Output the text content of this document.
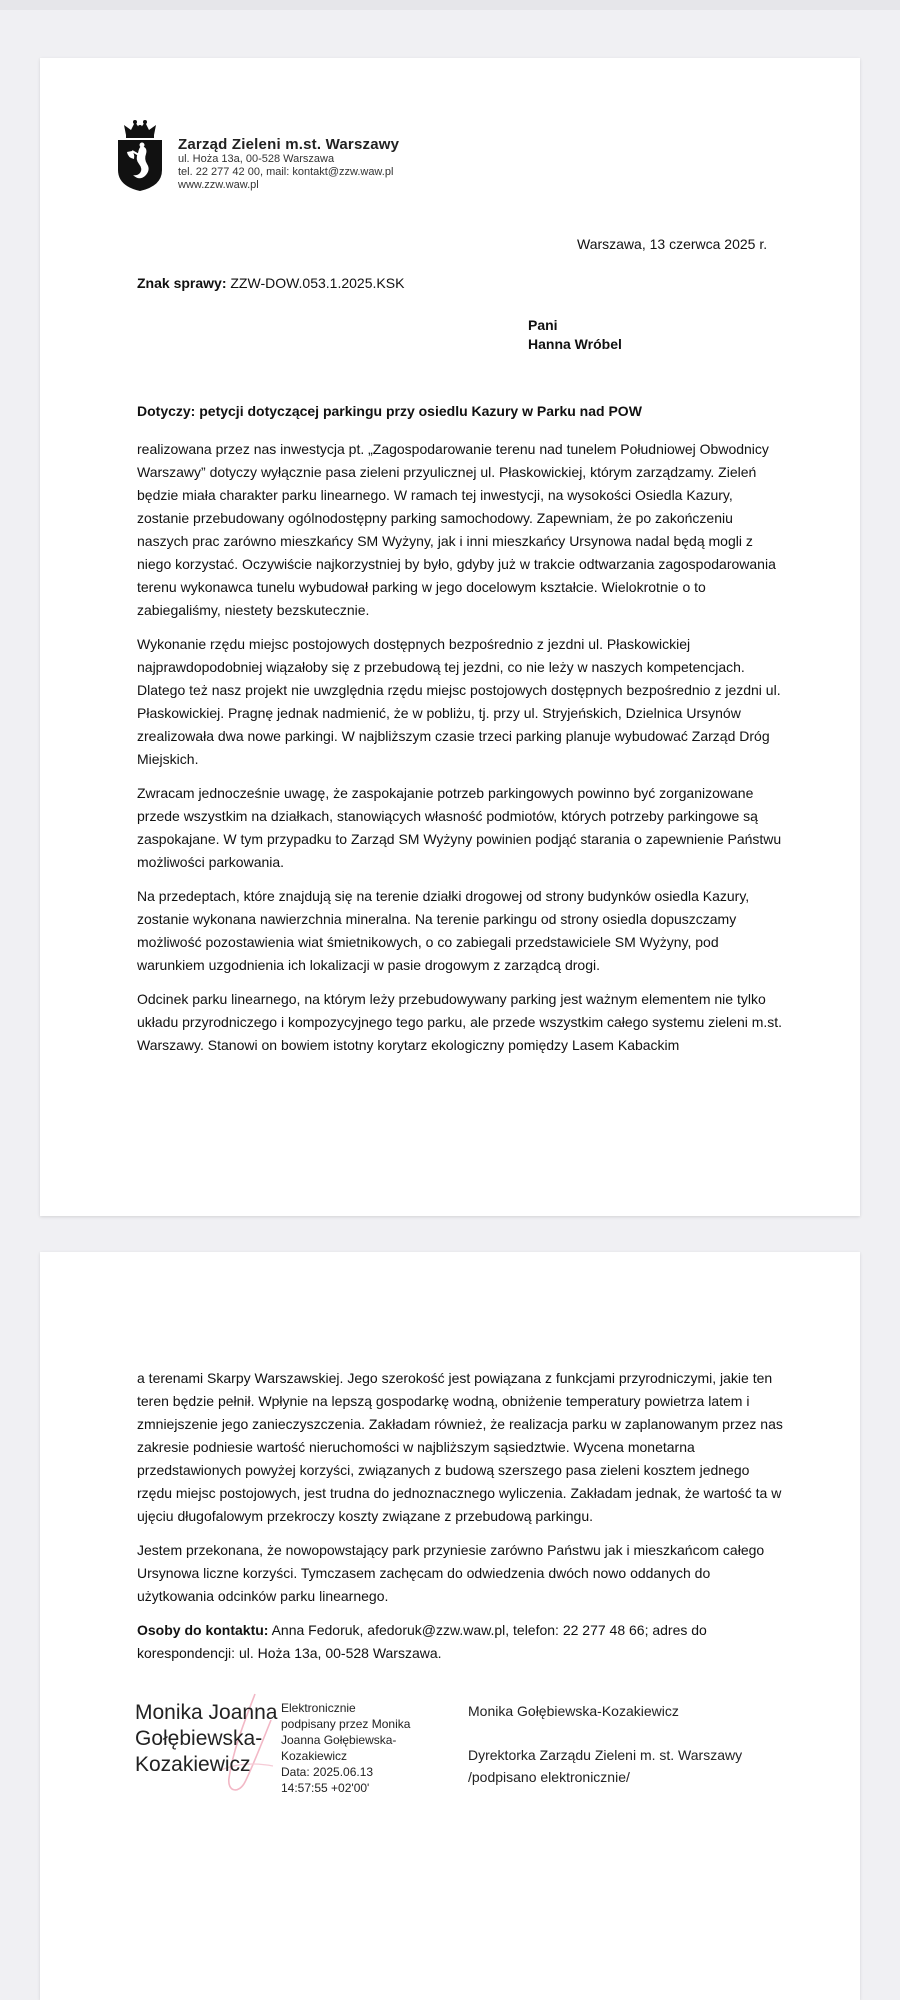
Zarząd Zieleni m.st. Warszawy
ul. Hoża 13a, 00-528 Warszawa
tel. 22 277 42 00, mail: kontakt@zzw.waw.pl
www.zzw.waw.pl
Warszawa, 13 czerwca 2025 r.
Znak sprawy: ZZW-DOW.053.1.2025.KSK
Pani
Hanna Wróbel
Dotyczy: petycji dotyczącej parkingu przy osiedlu Kazury w Parku nad POW

realizowana przez nas inwestycja pt. „Zagospodarowanie terenu nad tunelem Południowej Obwodnicy Warszawy” dotyczy wyłącznie pasa zieleni przyulicznej ul. Płaskowickiej, którym zarządzamy. Zieleń będzie miała charakter parku linearnego. W ramach tej inwestycji, na wysokości Osiedla Kazury, zostanie przebudowany ogólnodostępny parking samochodowy. Zapewniam, że po zakończeniu naszych prac zarówno mieszkańcy SM Wyżyny, jak i inni mieszkańcy Ursynowa nadal będą mogli z niego korzystać. Oczywiście najkorzystniej by było, gdyby już w trakcie odtwarzania zagospodarowania terenu wykonawca tunelu wybudował parking w jego docelowym kształcie. Wielokrotnie o to zabiegaliśmy, niestety bezskutecznie.

Wykonanie rzędu miejsc postojowych dostępnych bezpośrednio z jezdni ul. Płaskowickiej najprawdopodobniej wiązałoby się z przebudową tej jezdni, co nie leży w naszych kompetencjach. Dlatego też nasz projekt nie uwzględnia rzędu miejsc postojowych dostępnych bezpośrednio z jezdni ul. Płaskowickiej. Pragnę jednak nadmienić, że w pobliżu, tj. przy ul. Stryjeńskich, Dzielnica Ursynów zrealizowała dwa nowe parkingi. W najbliższym czasie trzeci parking planuje wybudować Zarząd Dróg Miejskich.

Zwracam jednocześnie uwagę, że zaspokajanie potrzeb parkingowych powinno być zorganizowane przede wszystkim na działkach, stanowiących własność podmiotów, których potrzeby parkingowe są zaspokajane. W tym przypadku to Zarząd SM Wyżyny powinien podjąć starania o zapewnienie Państwu możliwości parkowania.

Na przedeptach, które znajdują się na terenie działki drogowej od strony budynków osiedla Kazury, zostanie wykonana nawierzchnia mineralna. Na terenie parkingu od strony osiedla dopuszczamy możliwość pozostawienia wiat śmietnikowych, o co zabiegali przedstawiciele SM Wyżyny, pod warunkiem uzgodnienia ich lokalizacji w pasie drogowym z zarządcą drogi.

Odcinek parku linearnego, na którym leży przebudowywany parking jest ważnym elementem nie tylko układu przyrodniczego i kompozycyjnego tego parku, ale przede wszystkim całego systemu zieleni m.st. Warszawy. Stanowi on bowiem istotny korytarz ekologiczny pomiędzy Lasem Kabackim

a terenami Skarpy Warszawskiej. Jego szerokość jest powiązana z funkcjami przyrodniczymi, jakie ten teren będzie pełnił. Wpłynie na lepszą gospodarkę wodną, obniżenie temperatury powietrza latem i zmniejszenie jego zanieczyszczenia. Zakładam również, że realizacja parku w zaplanowanym przez nas zakresie podniesie wartość nieruchomości w najbliższym sąsiedztwie. Wycena monetarna przedstawionych powyżej korzyści, związanych z budową szerszego pasa zieleni kosztem jednego rzędu miejsc postojowych, jest trudna do jednoznacznego wyliczenia. Zakładam jednak, że wartość ta w ujęciu długofalowym przekroczy koszty związane z przebudową parkingu.

Jestem przekonana, że nowopowstający park przyniesie zarówno Państwu jak i mieszkańcom całego Ursynowa liczne korzyści. Tymczasem zachęcam do odwiedzenia dwóch nowo oddanych do użytkowania odcinków parku linearnego.

Osoby do kontaktu: Anna Fedoruk, afedoruk@zzw.waw.pl, telefon: 22 277 48 66; adres do korespondencji: ul. Hoża 13a, 00-528 Warszawa.

Monika Joanna
Gołębiewska-
Kozakiewicz
Elektronicznie
podpisany przez Monika
Joanna Gołębiewska-
Kozakiewicz
Data: 2025.06.13
14:57:55 +02'00'
Monika Gołębiewska-Kozakiewicz
Dyrektorka Zarządu Zieleni m. st. Warszawy
/podpisano elektronicznie/
